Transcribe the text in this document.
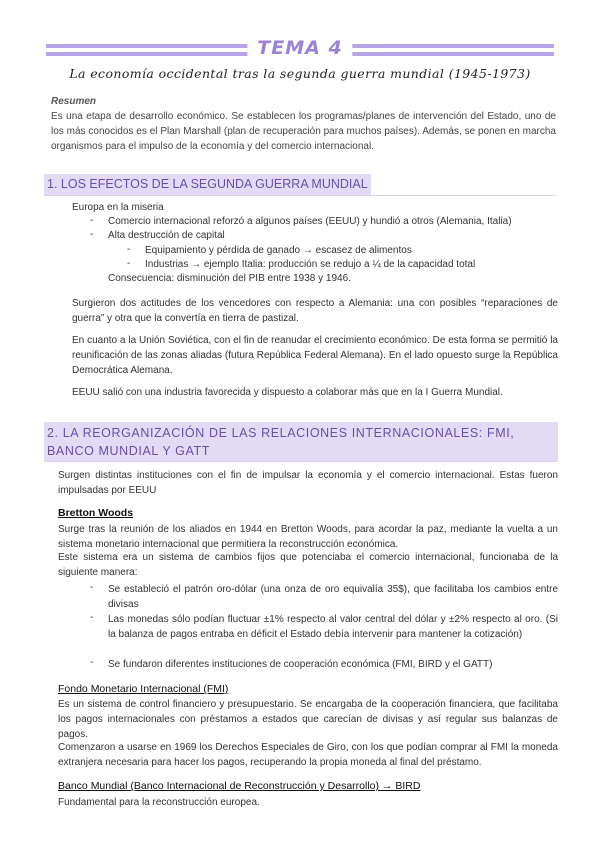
TEMA 4
La economía occidental tras la segunda guerra mundial (1945-1973)
Resumen
Es una etapa de desarrollo económico. Se establecen los programas/planes de intervención del Estado, uno de los más conocidos es el Plan Marshall (plan de recuperación para muchos países). Además, se ponen en marcha organismos para el impulso de la economía y del comercio internacional.
1. LOS EFECTOS DE LA SEGUNDA GUERRA MUNDIAL
Europa en la miseria
- Comercio internacional reforzó a algunos países (EEUU) y hundió a otros (Alemania, Italia)
- Alta destrucción de capital
- Equipamiento y pérdida de ganado → escasez de alimentos
- Industrias → ejemplo Italia: producción se redujo a ¼ de la capacidad total
Consecuencia: disminución del PIB entre 1938 y 1946.
Surgieron dos actitudes de los vencedores con respecto a Alemania: una con posibles “reparaciones de guerra” y otra que la convertía en tierra de pastizal.
En cuanto a la Unión Soviética, con el fin de reanudar el crecimiento económico. De esta forma se permitió la reunificación de las zonas aliadas (futura República Federal Alemana). En el lado opuesto surge la República Democrática Alemana.
EEUU salió con una industria favorecida y dispuesto a colaborar más que en la I Guerra Mundial.
2. LA REORGANIZACIÓN DE LAS RELACIONES INTERNACIONALES: FMI, BANCO MUNDIAL Y GATT
Surgen distintas instituciones con el fin de impulsar la economía y el comercio internacional. Estas fueron impulsadas por EEUU
Bretton Woods
Surge tras la reunión de los aliados en 1944 en Bretton Woods, para acordar la paz, mediante la vuelta a un sistema monetario internacional que permitiera la reconstrucción económica.
Este sistema era un sistema de cambios fijos que potenciaba el comercio internacional, funcionaba de la siguiente manera:
- Se estableció el patrón oro-dólar (una onza de oro equivalía 35$), que facilitaba los cambios entre divisas
- Las monedas sólo podían fluctuar ±1% respecto al valor central del dólar y ±2% respecto al oro. (Si la balanza de pagos entraba en déficit el Estado debía intervenir para mantener la cotización)
- Se fundaron diferentes instituciones de cooperación económica (FMI, BIRD y el GATT)
Fondo Monetario Internacional (FMI)
Es un sistema de control financiero y presupuestario. Se encargaba de la cooperación financiera, que facilitaba los pagos internacionales con préstamos a estados que carecían de divisas y así regular sus balanzas de pagos.
Comenzaron a usarse en 1969 los Derechos Especiales de Giro, con los que podían comprar al FMI la moneda extranjera necesaria para hacer los pagos, recuperando la propia moneda al final del préstamo.
Banco Mundial (Banco Internacional de Reconstrucción y Desarrollo) → BIRD
Fundamental para la reconstrucción europea.
